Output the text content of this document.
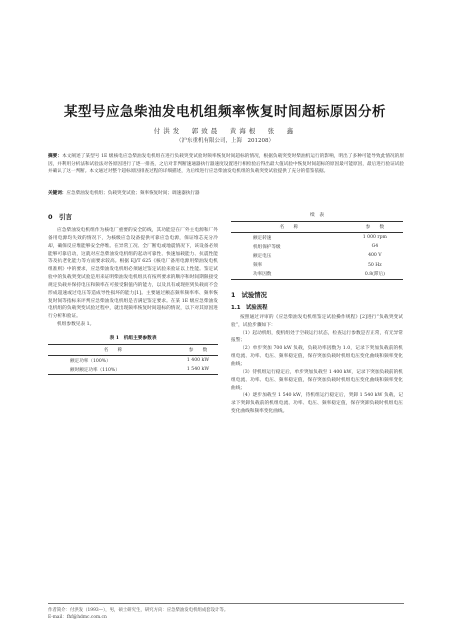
某型号应急柴油发电机组频率恢复时间超标原因分析
付洪发　郭致晨　黄海根　张　鑫
（沪东重机有限公司，上海　201208）
摘要：本文阐述了某型号 1E 级核电应急柴油发电机组在进行负载突变试验时频率恢复时间超标的情况，根据负载突变时柴油机运行的影响，明出了多种可能导致此情况的原因，并利用分析法和试验法对各原因进行了逐一排查，之后对非判断速通器执行器速度设置进行相检验后得出最大值试验中恢复时间超标的原因最可能原因，最后进行验证试验并确认了这一判断。本文通过对整个超标原因排查过程的详细描述，为后续进行应急柴油发电机组的负载突变试验提供了充分的借鉴依据。
关键词：应急柴油发电机组；负载突变试验；频率恢复时间；调速器执行器
0　引言

应急柴油发电机组作为核电厂重要的安全防线，其功能是在厂外主电源和厂外备用电源均失效的情况下，为核级应急设备提供可靠应急电源，保证堆芯充分冷却，确保反应堆能够安全停堆。在异常工况、全厂断电或地震情况下，该设备必须能够可靠启动，这就对应急柴油发电机组的起动可靠性、快速加载能力、抗震性能等及抗老化能力等方面要求较高。根据 EJ/T 625《核电厂备用电源用柴油发电机组准则》中的要求，应急柴油发电机组必须通过鉴定试验来验证以上性能。鉴定试验中的负载突变试验是用来证明柴油发电机组具有按所要求的顺序和时间期限接受规定负载并保持电压和频率在可接受限值内的能力，以及具有或现拒到负载而不会形成超速或过电压等造成导性损坏的能力[1]。主要通过额态频率频率率、频率恢复时间等指标来评判应急柴油发电机组是否满足鉴定要求。在某 1E 级应急柴油发电机组的负载突变试验过程中，就出现频率恢复时间超标的情况，以下对其原因进行分析和验证。

机组参数见表 1。

表 1　机组主要参数表
名　　称	参　　数
额定功率（100%）	1 400 kW
额时额定功率（110%）	1 540 kW
续　表
名　　称	参　　数
额定转速	1 000 rpm
机组保护等级	G4
额定电压	400 V
频率	50 Hz
功率因数	0.8(滞后)
1　试验情况
1.1　试验流程

按照通过评审的《应急柴油发电机组鉴定试验操作规程》[2]进行“负载突变试验”，试验步骤如下：

（1）起动机组，使机组处于空载运行状态，检查运行参数是否正常，有无异常报警；

（2）单步突加 700 kW 负载，负载功率因数为 1.0，记录下突加负载前的机组电流、功率、电压、频率稳定值，保存突加负载时机组电压变化曲线和频率变化曲线；

（3）待机组运行稳定后，单步突加负载至 1 400 kW，记录下突加负载前的机组电流、功率、电压、频率稳定值，保存突加负载时机组电压变化曲线和频率变化曲线；

（4）逐步加载至 1 540 kW，待机组运行稳定后，突卸 1 540 kW 负载，记录下突卸负载前的机组电流、功率、电压、频率稳定值，保存突卸负载时机组电压变化曲线和频率变化曲线。

作者简介：付洪发（1993—），男，硕士研究生，研究方向：应急柴油发电机组成套设计等。
E-mail：fhf@hdmc.com.cn
